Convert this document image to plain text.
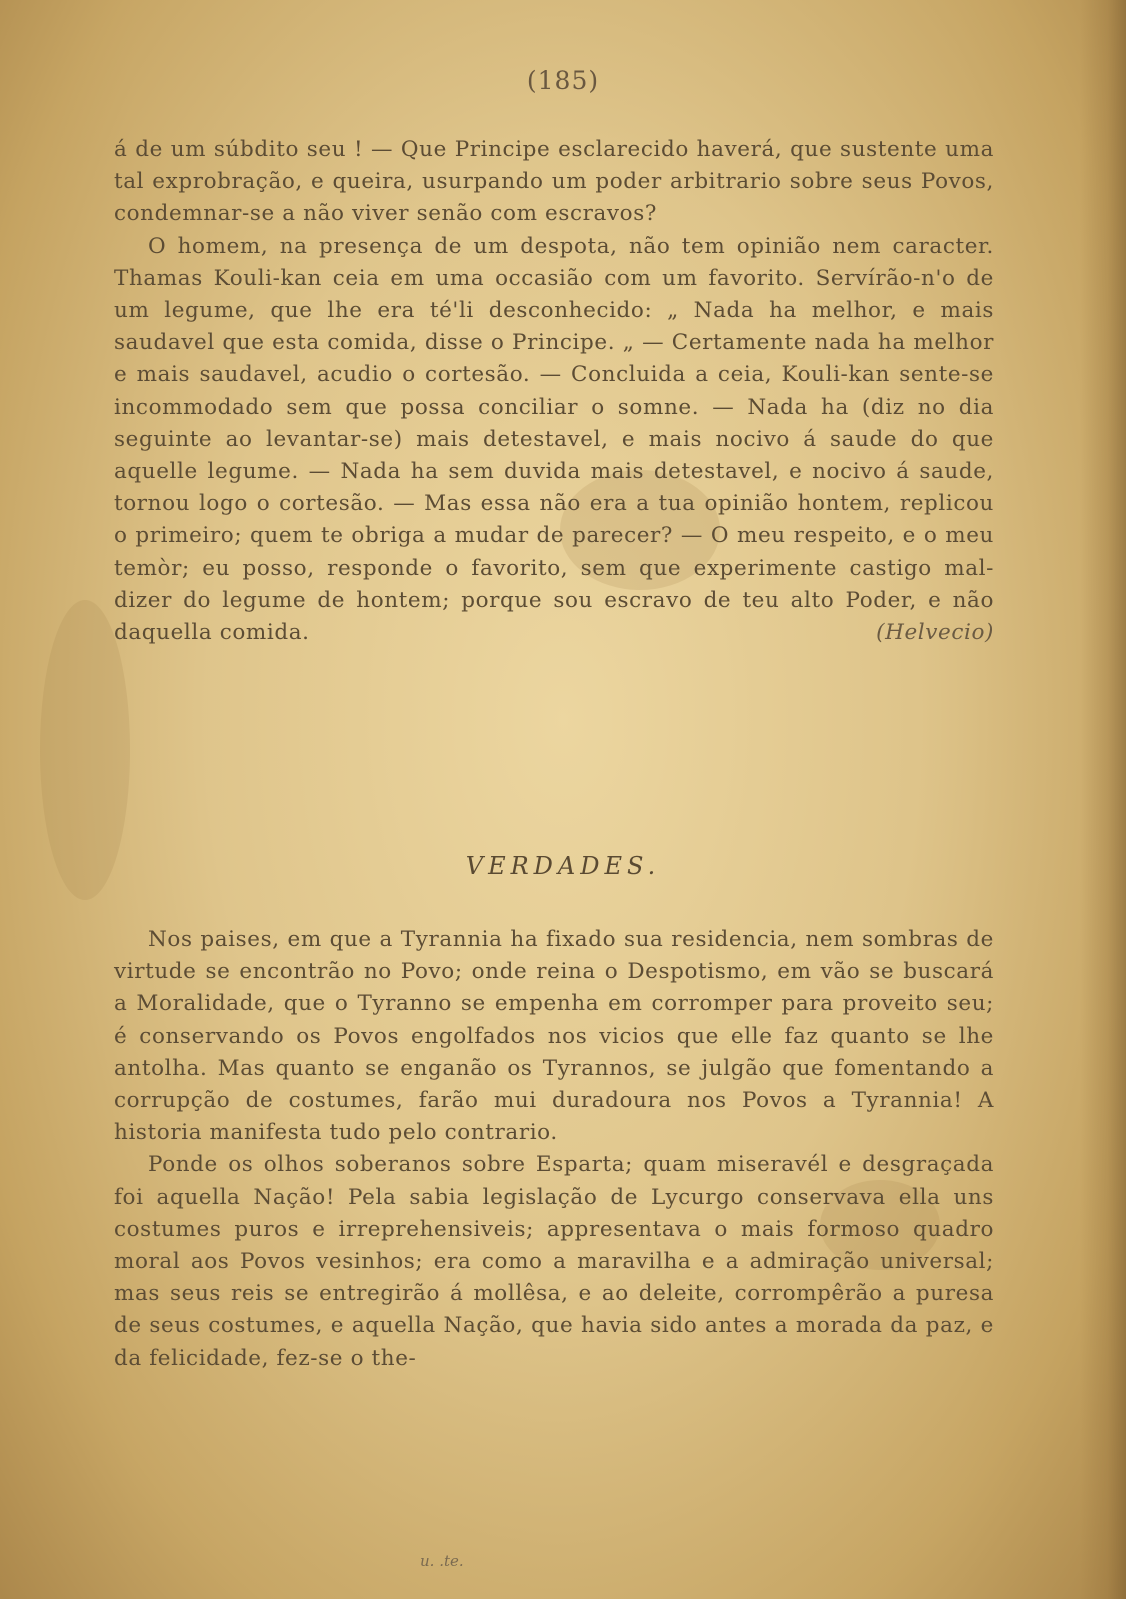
(185)

á de um súbdito seu ! — Que Principe esclarecido haverá, que sustente uma tal exprobração, e queira, usurpando um poder arbitrario sobre seus Povos, condemnar-se a não viver senão com escravos?

O homem, na presença de um despota, não tem opinião nem caracter. Thamas Kouli-kan ceia em uma occasião com um favorito. Servírão-n'o de um legume, que lhe era té'li desconhecido: „ Nada ha melhor, e mais saudavel que esta comida, disse o Principe. „ — Certamente nada ha melhor e mais saudavel, acudio o cortesão. — Concluida a ceia, Kouli-kan sente-se incommodado sem que possa conciliar o somne. — Nada ha (diz no dia seguinte ao levantar-se) mais detestavel, e mais nocivo á saude do que aquelle legume. — Nada ha sem duvida mais detestavel, e nocivo á saude, tornou logo o cortesão. — Mas essa não era a tua opinião hontem, replicou o primeiro; quem te obriga a mudar de parecer? — O meu respeito, e o meu temòr; eu posso, responde o favorito, sem que experimente castigo mal-dizer do legume de hontem; porque sou escravo de teu alto Poder, e não daquella comida.	(Helvecio)

VERDADES.

Nos paises, em que a Tyrannia ha fixado sua residencia, nem sombras de virtude se encontrão no Povo; onde reina o Despotismo, em vão se buscará a Moralidade, que o Tyranno se empenha em corromper para proveito seu; é conservando os Povos engolfados nos vicios que elle faz quanto se lhe antolha. Mas quanto se enganão os Tyrannos, se julgão que fomentando a corrupção de costumes, farão mui duradoura nos Povos a Tyrannia! A historia manifesta tudo pelo contrario.

Ponde os olhos soberanos sobre Esparta; quam miseravél e desgraçada foi aquella Nação! Pela sabia legislação de Lycurgo conservava ella uns costumes puros e irreprehensiveis; appresentava o mais formoso quadro moral aos Povos vesinhos; era como a maravilha e a admiração universal; mas seus reis se entregirão á mollêsa, e ao deleite, corrompêrão a puresa de seus costumes, e aquella Nação, que havia sido antes a morada da paz, e da felicidade, fez-se o the-

u. .te.
